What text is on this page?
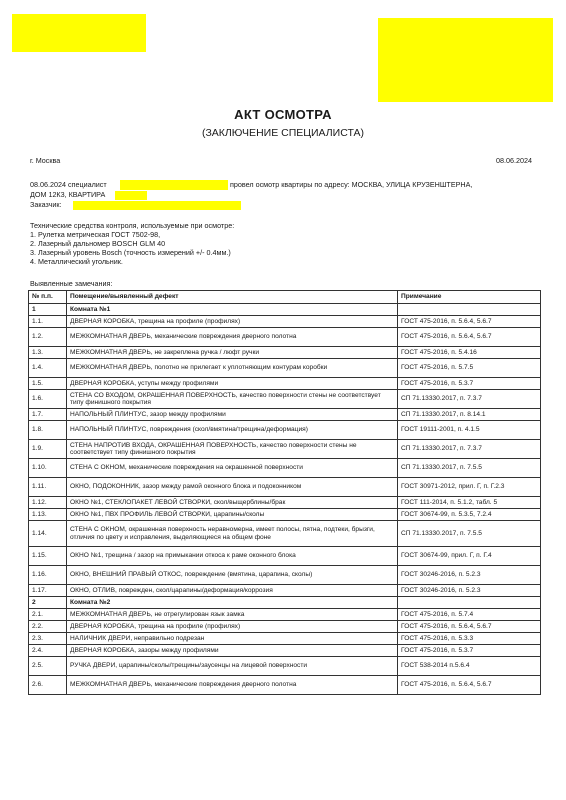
АКТ ОСМОТРА
(ЗАКЛЮЧЕНИЕ СПЕЦИАЛИСТА)
г. Москва	08.06.2024
08.06.2024 специалист	провел осмотр квартиры по адресу: МОСКВА, УЛИЦА КРУЗЕНШТЕРНА,
ДОМ 12К3, КВАРТИРА
Заказчик:
Технические средства контроля, используемые при осмотре:
1. Рулетка метрическая ГОСТ 7502-98,
2. Лазерный дальномер BOSCH GLM 40
3. Лазерный уровень Bosch (точность измерений +/- 0.4мм.)
4. Металлический угольник.
Выявленные замечания:
№ п.п.	Помещение/выявленный дефект	Примечание
1	Комната №1	
1.1.	ДВЕРНАЯ КОРОБКА, трещина на профиле (профилях)	ГОСТ 475-2016, п. 5.6.4, 5.6.7
1.2.	МЕЖКОМНАТНАЯ ДВЕРЬ, механические повреждения дверного полотна	ГОСТ 475-2016, п. 5.6.4, 5.6.7
1.3.	МЕЖКОМНАТНАЯ ДВЕРЬ, не закреплена ручка / люфт ручки	ГОСТ 475-2016, п. 5.4.16
1.4.	МЕЖКОМНАТНАЯ ДВЕРЬ, полотно не прилегает к уплотняющим контурам коробки	ГОСТ 475-2016, п. 5.7.5
1.5.	ДВЕРНАЯ КОРОБКА, уступы между профилями	ГОСТ 475-2016, п. 5.3.7
1.6.	СТЕНА СО ВХОДОМ, ОКРАШЕННАЯ ПОВЕРХНОСТЬ, качество поверхности стены не соответствует типу финишного покрытия	СП 71.13330.2017, п. 7.3.7
1.7.	НАПОЛЬНЫЙ ПЛИНТУС, зазор между профилями	СП 71.13330.2017, п. 8.14.1
1.8.	НАПОЛЬНЫЙ ПЛИНТУС, повреждения (скол/вмятина/трещина/деформация)	ГОСТ 19111-2001, п. 4.1.5
1.9.	СТЕНА НАПРОТИВ ВХОДА, ОКРАШЕННАЯ ПОВЕРХНОСТЬ, качество поверхности стены не соответствует типу финишного покрытия	СП 71.13330.2017, п. 7.3.7
1.10.	СТЕНА С ОКНОМ, механические повреждения на окрашенной поверхности	СП 71.13330.2017, п. 7.5.5
1.11.	ОКНО, ПОДОКОННИК, зазор между рамой оконного блока и подоконником	ГОСТ 30971-2012, прил. Г, п. Г.2.3
1.12.	ОКНО №1, СТЕКЛОПАКЕТ ЛЕВОЙ СТВОРКИ, скол/выщерблины/брак	ГОСТ 111-2014, п. 5.1.2, табл. 5
1.13.	ОКНО №1, ПВХ ПРОФИЛЬ ЛЕВОЙ СТВОРКИ, царапины/сколы	ГОСТ 30674-99, п. 5.3.5, 7.2.4
1.14.	СТЕНА С ОКНОМ, окрашенная поверхность неравномерна, имеет полосы, пятна, подтеки, брызги, отличия по цвету и исправления, выделяющиеся на общем фоне	СП 71.13330.2017, п. 7.5.5
1.15.	ОКНО №1, трещина / зазор на примыкании откоса к раме оконного блока	ГОСТ 30674-99, прил. Г, п. Г.4
1.16.	ОКНО, ВНЕШНИЙ ПРАВЫЙ ОТКОС, повреждение (вмятина, царапина, сколы)	ГОСТ 30246-2016, п. 5.2.3
1.17.	ОКНО, ОТЛИВ, поврежден, скол/царапины/деформация/коррозия	ГОСТ 30246-2016, п. 5.2.3
2	Комната №2	
2.1.	МЕЖКОМНАТНАЯ ДВЕРЬ, не отрегулирован язык замка	ГОСТ 475-2016, п. 5.7.4
2.2.	ДВЕРНАЯ КОРОБКА, трещина на профиле (профилях)	ГОСТ 475-2016, п. 5.6.4, 5.6.7
2.3.	НАЛИЧНИК ДВЕРИ, неправильно подрезан	ГОСТ 475-2016, п. 5.3.3
2.4.	ДВЕРНАЯ КОРОБКА, зазоры между профилями	ГОСТ 475-2016, п. 5.3.7
2.5.	РУЧКА ДВЕРИ, царапины/сколы/трещины/заусенцы на лицевой поверхности	ГОСТ 538-2014 п.5.6.4
2.6.	МЕЖКОМНАТНАЯ ДВЕРЬ, механические повреждения дверного полотна	ГОСТ 475-2016, п. 5.6.4, 5.6.7
